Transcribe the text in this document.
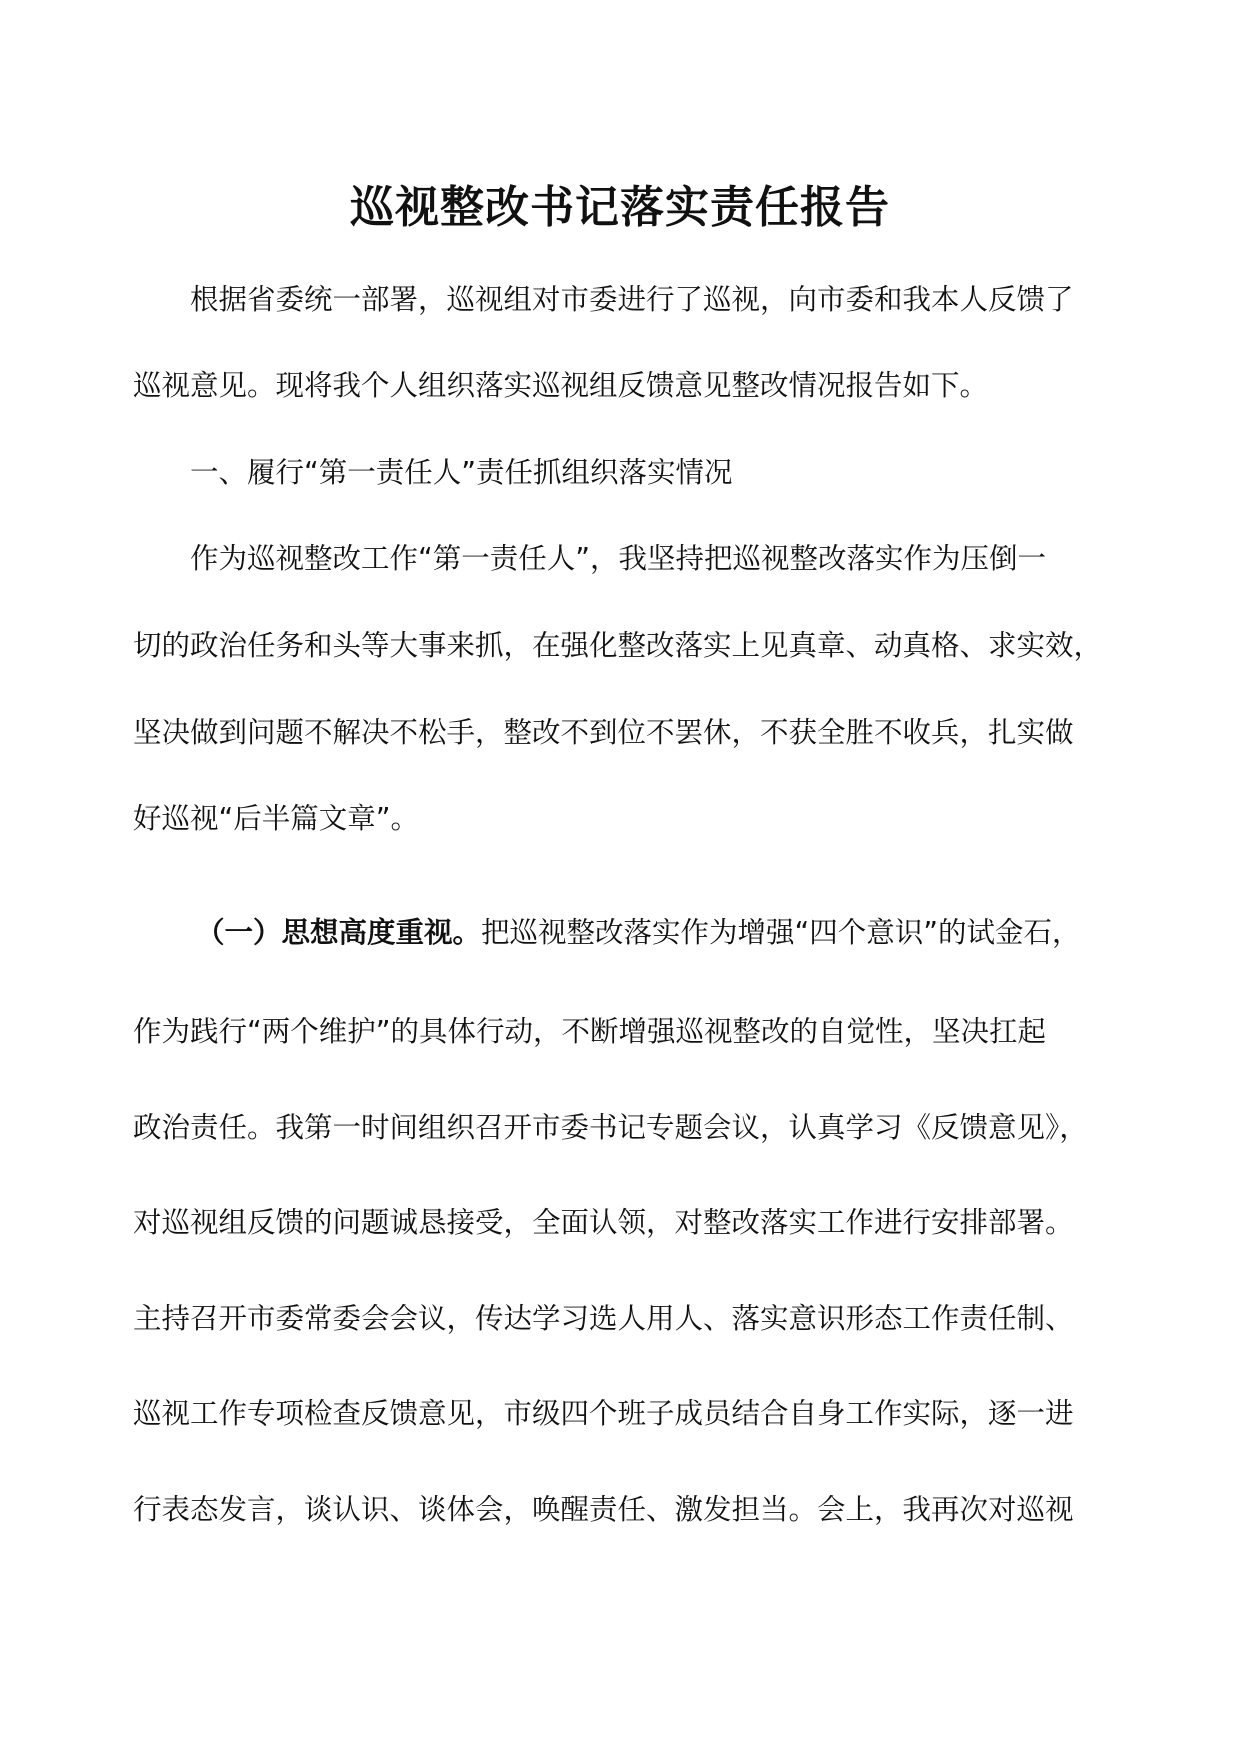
巡视整改书记落实责任报告

根据省委统一部署，巡视组对市委进行了巡视，向市委和我本人反馈了

巡视意见。现将我个人组织落实巡视组反馈意见整改情况报告如下。

一、履行“第一责任人”责任抓组织落实情况

作为巡视整改工作“第一责任人”，我坚持把巡视整改落实作为压倒一

切的政治任务和头等大事来抓，在强化整改落实上见真章、动真格、求实效，

坚决做到问题不解决不松手，整改不到位不罢休，不获全胜不收兵，扎实做

好巡视“后半篇文章”。

（一）思想高度重视。把巡视整改落实作为增强“四个意识”的试金石，

作为践行“两个维护”的具体行动，不断增强巡视整改的自觉性，坚决扛起

政治责任。我第一时间组织召开市委书记专题会议，认真学习《反馈意见》，

对巡视组反馈的问题诚恳接受，全面认领，对整改落实工作进行安排部署。

主持召开市委常委会会议，传达学习选人用人、落实意识形态工作责任制、

巡视工作专项检查反馈意见，市级四个班子成员结合自身工作实际，逐一进

行表态发言，谈认识、谈体会，唤醒责任、激发担当。会上，我再次对巡视
